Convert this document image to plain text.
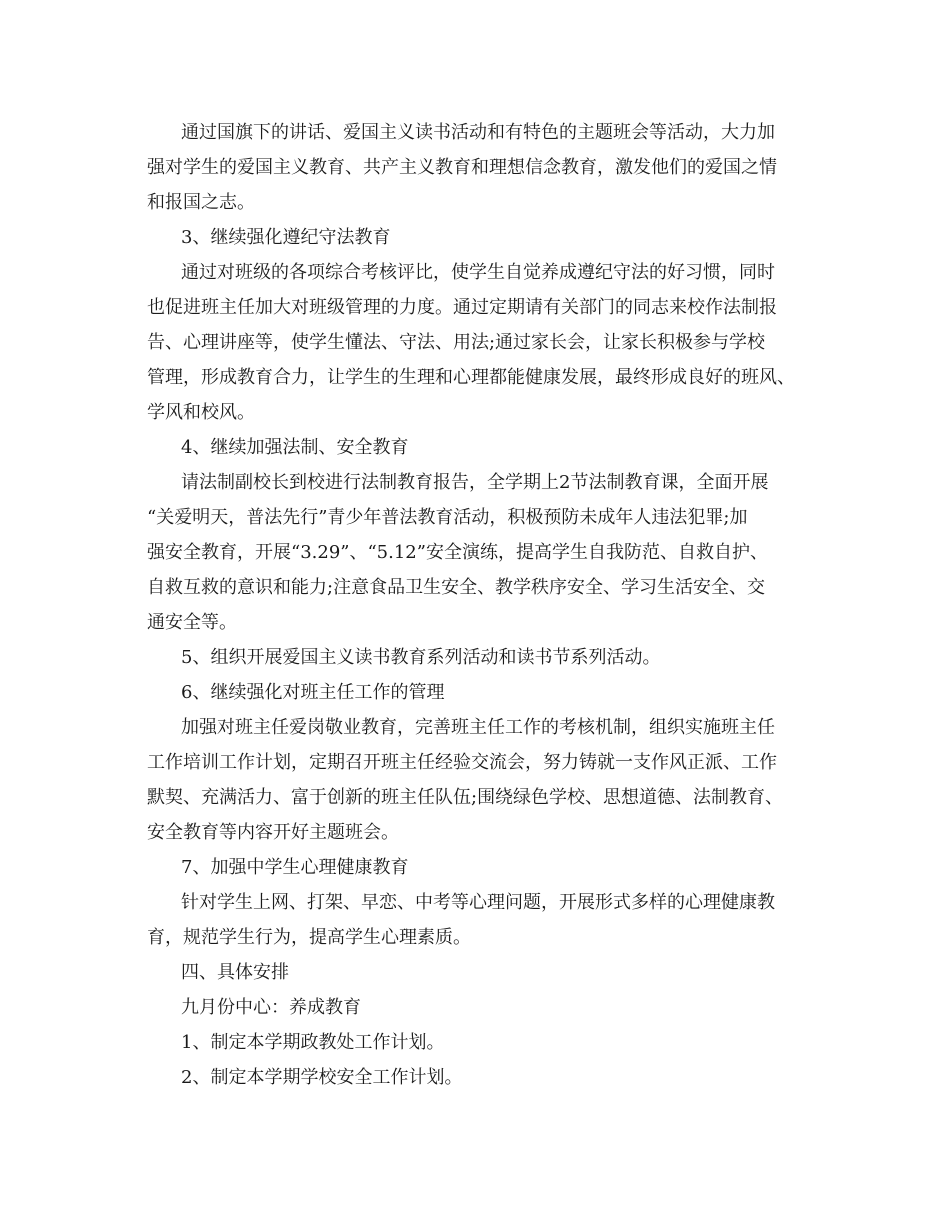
通过国旗下的讲话、爱国主义读书活动和有特色的主题班会等活动，大力加
强对学生的爱国主义教育、共产主义教育和理想信念教育，激发他们的爱国之情
和报国之志。
3、继续强化遵纪守法教育
通过对班级的各项综合考核评比，使学生自觉养成遵纪守法的好习惯，同时
也促进班主任加大对班级管理的力度。通过定期请有关部门的同志来校作法制报
告、心理讲座等，使学生懂法、守法、用法;通过家长会，让家长积极参与学校
管理，形成教育合力，让学生的生理和心理都能健康发展，最终形成良好的班风、
学风和校风。
4、继续加强法制、安全教育
请法制副校长到校进行法制教育报告，全学期上2节法制教育课，全面开展
“关爱明天，普法先行”青少年普法教育活动，积极预防未成年人违法犯罪;加
强安全教育，开展“3.29”、“5.12”安全演练，提高学生自我防范、自救自护、
自救互救的意识和能力;注意食品卫生安全、教学秩序安全、学习生活安全、交
通安全等。
5、组织开展爱国主义读书教育系列活动和读书节系列活动。
6、继续强化对班主任工作的管理
加强对班主任爱岗敬业教育，完善班主任工作的考核机制，组织实施班主任
工作培训工作计划，定期召开班主任经验交流会，努力铸就一支作风正派、工作
默契、充满活力、富于创新的班主任队伍;围绕绿色学校、思想道德、法制教育、
安全教育等内容开好主题班会。
7、加强中学生心理健康教育
针对学生上网、打架、早恋、中考等心理问题，开展形式多样的心理健康教
育，规范学生行为，提高学生心理素质。
四、具体安排
九月份中心：养成教育
1、制定本学期政教处工作计划。
2、制定本学期学校安全工作计划。
